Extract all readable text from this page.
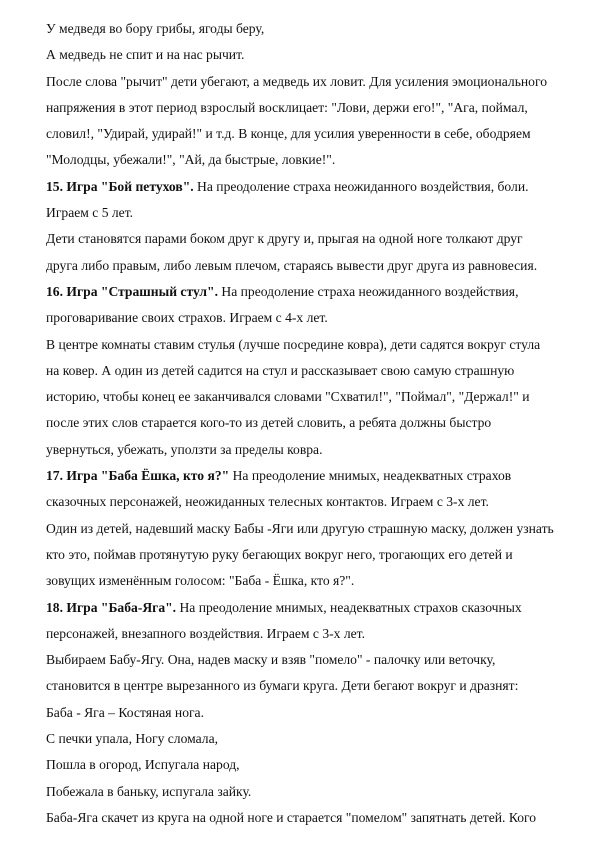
У медведя во бору грибы, ягоды беру,
А медведь не спит и на нас рычит.
После слова "рычит" дети убегают, а медведь их ловит. Для усиления эмоционального
напряжения в этот период взрослый восклицает: "Лови, держи его!", "Ага, поймал,
словил!, "Удирай, удирай!" и т.д. В конце, для усилия уверенности в себе, ободряем
"Молодцы, убежали!", "Ай, да быстрые, ловкие!".
15. Игра "Бой петухов". На преодоление страха неожиданного воздействия, боли.
Играем с 5 лет.
Дети становятся парами боком друг к другу и, прыгая на одной ноге толкают друг
друга либо правым, либо левым плечом, стараясь вывести друг друга из равновесия.
16. Игра "Страшный стул". На преодоление страха неожиданного воздействия,
проговаривание своих страхов. Играем с 4-х лет.
В центре комнаты ставим стулья (лучше посредине ковра), дети садятся вокруг стула
на ковер. А один из детей садится на стул и рассказывает свою самую страшную
историю, чтобы конец ее заканчивался словами "Схватил!", "Поймал", "Держал!" и
после этих слов старается кого-то из детей словить, а ребята должны быстро
увернуться, убежать, уползти за пределы ковра.
17. Игра "Баба Ёшка, кто я?" На преодоление мнимых, неадекватных страхов
сказочных персонажей, неожиданных телесных контактов. Играем с 3-х лет.
Один из детей, надевший маску Бабы -Яги или другую страшную маску, должен узнать
кто это, поймав протянутую руку бегающих вокруг него, трогающих его детей и
зовущих изменённым голосом: "Баба - Ёшка, кто я?".
18. Игра "Баба-Яга". На преодоление мнимых, неадекватных страхов сказочных
персонажей, внезапного воздействия. Играем с 3-х лет.
Выбираем Бабу-Ягу. Она, надев маску и взяв "помело" - палочку или веточку,
становится в центре вырезанного из бумаги круга. Дети бегают вокруг и дразнят:
Баба - Яга – Костяная нога.
С печки упала, Ногу сломала,
Пошла в огород, Испугала народ,
Побежала в баньку, испугала зайку.
Баба-Яга скачет из круга на одной ноге и старается "помелом" запятнать детей. Кого
